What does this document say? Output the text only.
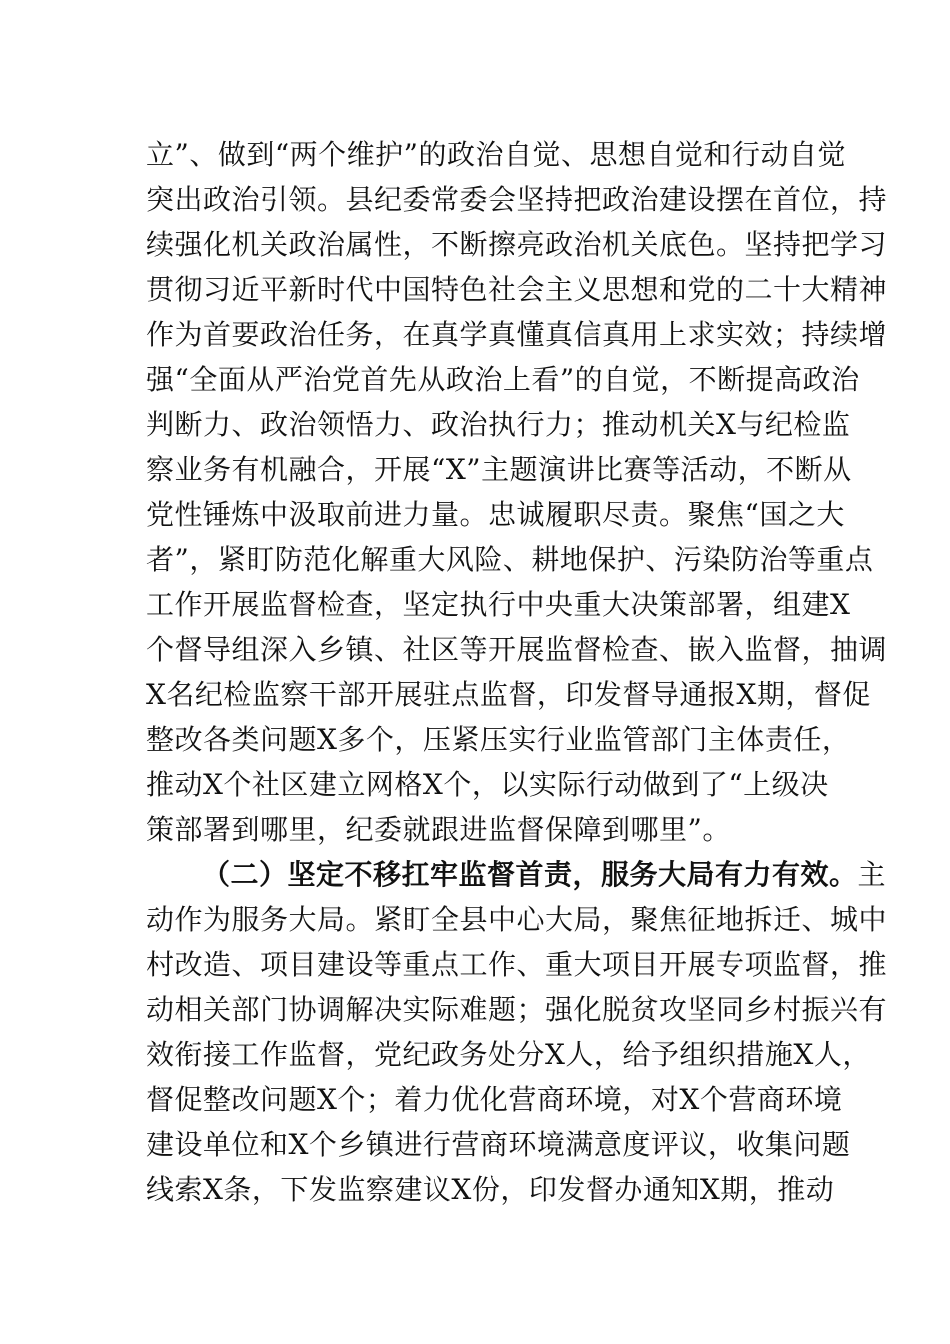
立”、做到“两个维护”的政治自觉、思想自觉和行动自觉
突出政治引领。县纪委常委会坚持把政治建设摆在首位，持
续强化机关政治属性，不断擦亮政治机关底色。坚持把学习
贯彻习近平新时代中国特色社会主义思想和党的二十大精神
作为首要政治任务，在真学真懂真信真用上求实效；持续增
强“全面从严治党首先从政治上看”的自觉，不断提高政治
判断力、政治领悟力、政治执行力；推动机关X与纪检监
察业务有机融合，开展“X”主题演讲比赛等活动，不断从
党性锤炼中汲取前进力量。忠诚履职尽责。聚焦“国之大
者”，紧盯防范化解重大风险、耕地保护、污染防治等重点
工作开展监督检查，坚定执行中央重大决策部署，组建X
个督导组深入乡镇、社区等开展监督检查、嵌入监督，抽调
X名纪检监察干部开展驻点监督，印发督导通报X期，督促
整改各类问题X多个，压紧压实行业监管部门主体责任，
推动X个社区建立网格X个，以实际行动做到了“上级决
策部署到哪里，纪委就跟进监督保障到哪里”。
（二）坚定不移扛牢监督首责，服务大局有力有效。主
动作为服务大局。紧盯全县中心大局，聚焦征地拆迁、城中
村改造、项目建设等重点工作、重大项目开展专项监督，推
动相关部门协调解决实际难题；强化脱贫攻坚同乡村振兴有
效衔接工作监督，党纪政务处分X人，给予组织措施X人，
督促整改问题X个；着力优化营商环境，对X个营商环境
建设单位和X个乡镇进行营商环境满意度评议，收集问题
线索X条，下发监察建议X份，印发督办通知X期，推动
